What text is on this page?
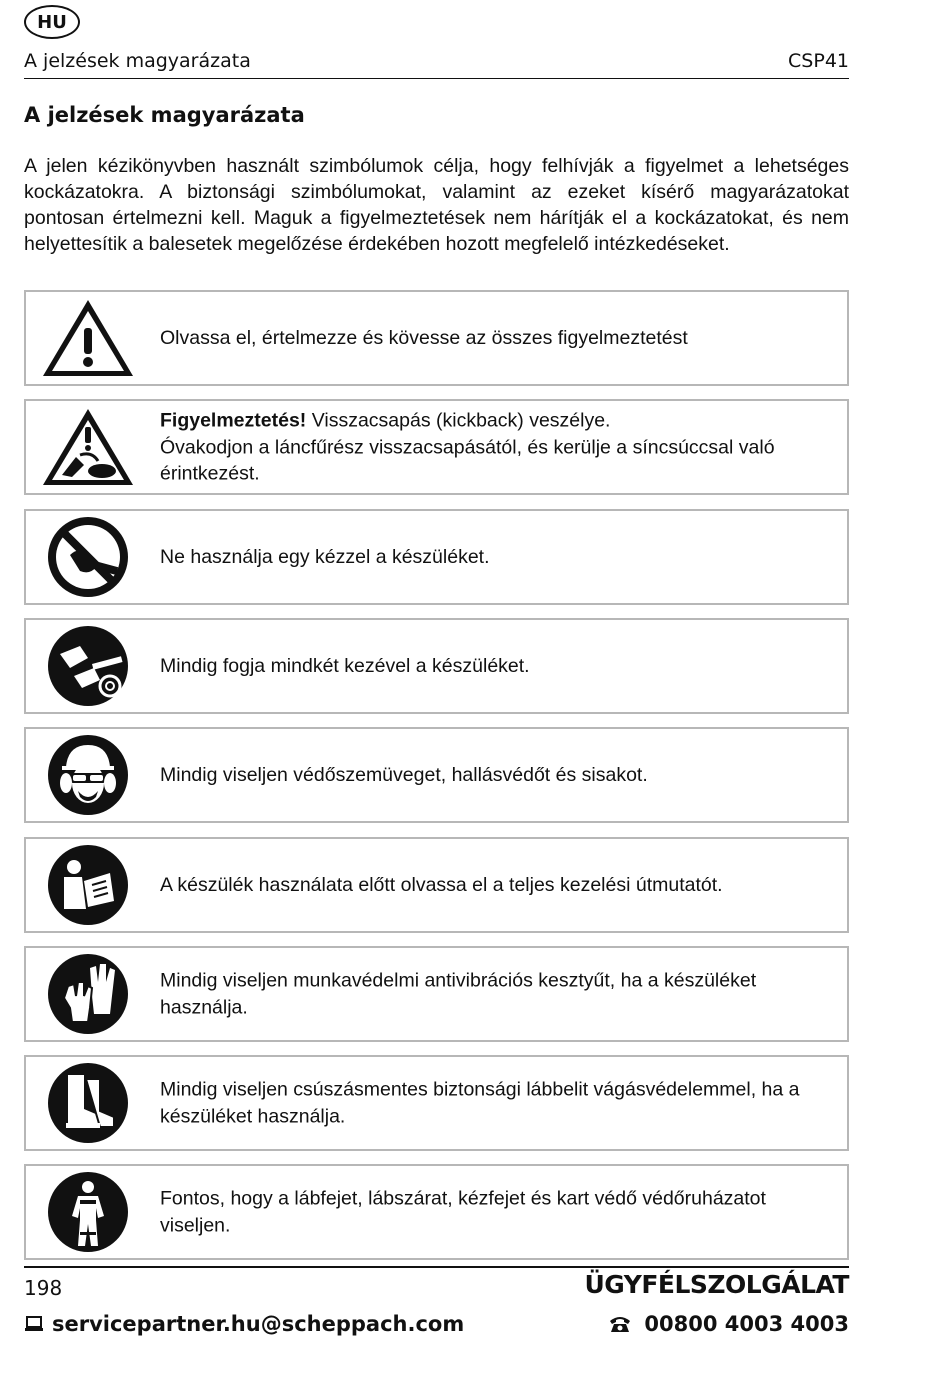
HU
A jelzések magyarázata	CSP41
A jelzések magyarázata

A jelen kézikönyvben használt szimbólumok célja, hogy felhívják a figyelmet a lehetséges kockázatokra. A biztonsági szimbólumokat, valamint az ezeket kísérő magyarázatokat pontosan értelmezni kell. Maguk a figyelmeztetések nem hárítják el a kockázatokat, és nem helyettesítik a balesetek megelőzése érdekében hozott megfelelő intézkedéseket.

Olvassa el, értelmezze és kövesse az összes figyelmeztetést
Figyelmeztetés! Visszacsapás (kickback) veszélye.
Óvakodjon a láncfűrész visszacsapásától, és kerülje a síncsúccsal való érintkezést.
Ne használja egy kézzel a készüléket.
Mindig fogja mindkét kezével a készüléket.
Mindig viseljen védőszemüveget, hallásvédőt és sisakot.
A készülék használata előtt olvassa el a teljes kezelési útmutatót.
Mindig viseljen munkavédelmi antivibrációs kesztyűt, ha a készüléket használja.
Mindig viseljen csúszásmentes biztonsági lábbelit vágásvédelemmel, ha a készüléket használja.
Fontos, hogy a lábfejet, lábszárat, kézfejet és kart védő védőruházatot viseljen.
198	ÜGYFÉLSZOLGÁLAT
servicepartner.hu@scheppach.com	00800 4003 4003
